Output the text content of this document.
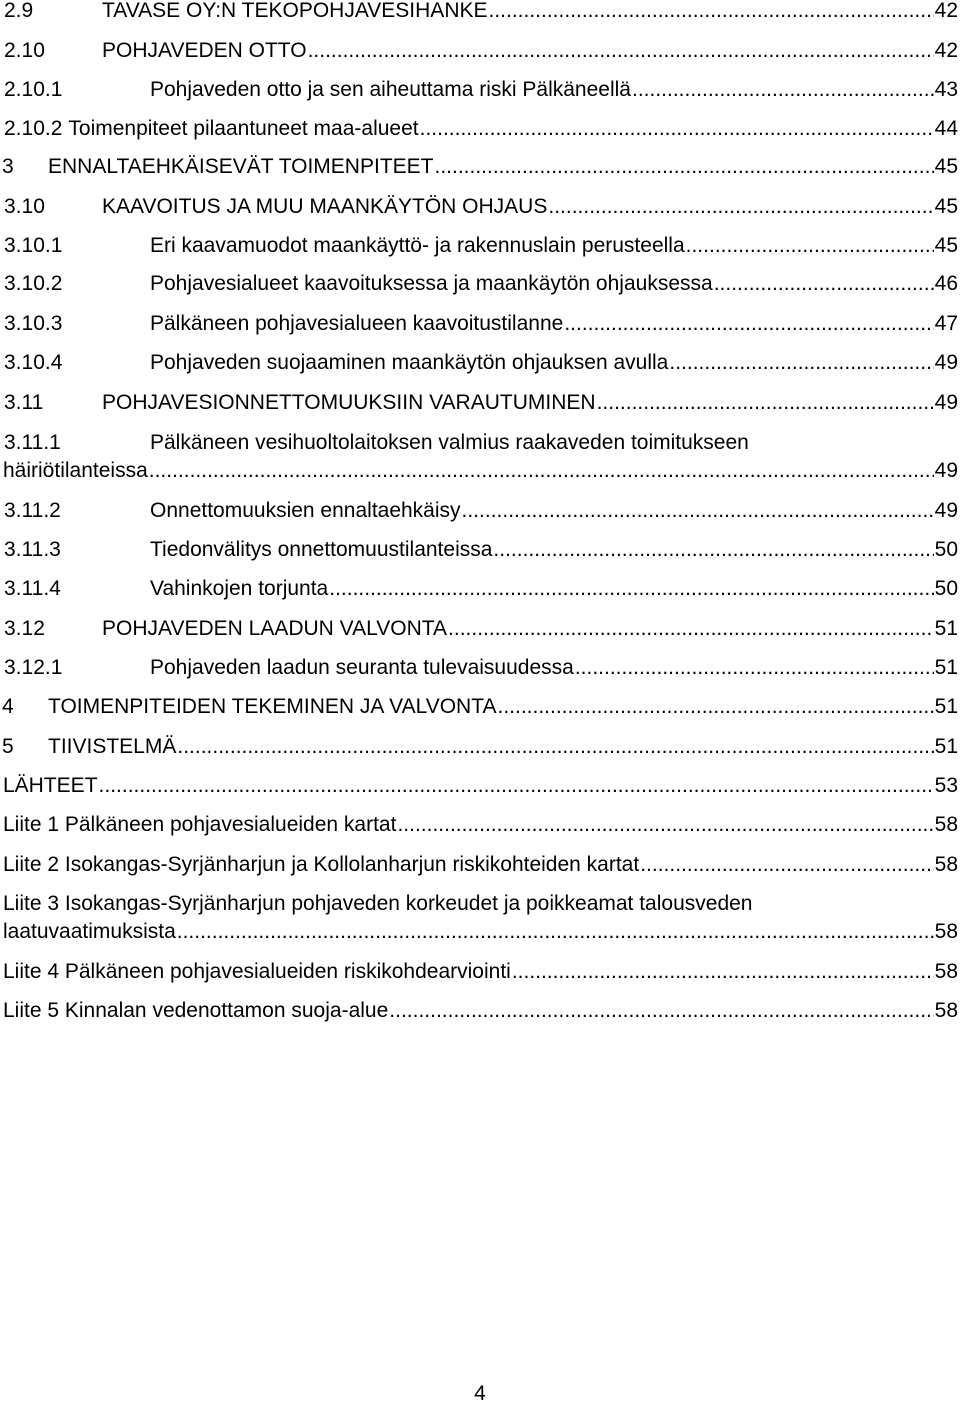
2.9	TAVASE OY:N TEKOPOHJAVESIHANKE .....	42
2.10	POHJAVEDEN OTTO .....	42
2.10.1	Pohjaveden otto ja sen aiheuttama riski Pälkäneellä .....	43
2.10.2 Toimenpiteet pilaantuneet maa-alueet .....	44
3	ENNALTAEHKÄISEVÄT TOIMENPITEET .....	45
3.10	KAAVOITUS JA MUU MAANKÄYTÖN OHJAUS .....	45
3.10.1	Eri kaavamuodot maankäyttö- ja rakennuslain perusteella .....	45
3.10.2	Pohjavesialueet kaavoituksessa ja maankäytön ohjauksessa .....	46
3.10.3	Pälkäneen pohjavesialueen kaavoitustilanne .....	47
3.10.4	Pohjaveden suojaaminen maankäytön ohjauksen avulla .....	49
3.11	POHJAVESIONNETTOMUUKSIIN VARAUTUMINEN .....	49
3.11.1	Pälkäneen vesihuoltolaitoksen valmius raakaveden toimitukseen
häiriötilanteissa .....	49
3.11.2	Onnettomuuksien ennaltaehkäisy .....	49
3.11.3	Tiedonvälitys onnettomuustilanteissa .....	50
3.11.4	Vahinkojen torjunta .....	50
3.12	POHJAVEDEN LAADUN VALVONTA .....	51
3.12.1	Pohjaveden laadun seuranta tulevaisuudessa .....	51
4	TOIMENPITEIDEN TEKEMINEN JA VALVONTA .....	51
5	TIIVISTELMÄ .....	51
LÄHTEET .....	53
Liite 1 Pälkäneen pohjavesialueiden kartat .....	58
Liite 2 Isokangas-Syrjänharjun ja Kollolanharjun riskikohteiden kartat .....	58
Liite 3 Isokangas-Syrjänharjun pohjaveden korkeudet ja poikkeamat talousveden
laatuvaatimuksista .....	58
Liite 4 Pälkäneen pohjavesialueiden riskikohdearviointi .....	58
Liite 5 Kinnalan vedenottamon suoja-alue .....	58
4
